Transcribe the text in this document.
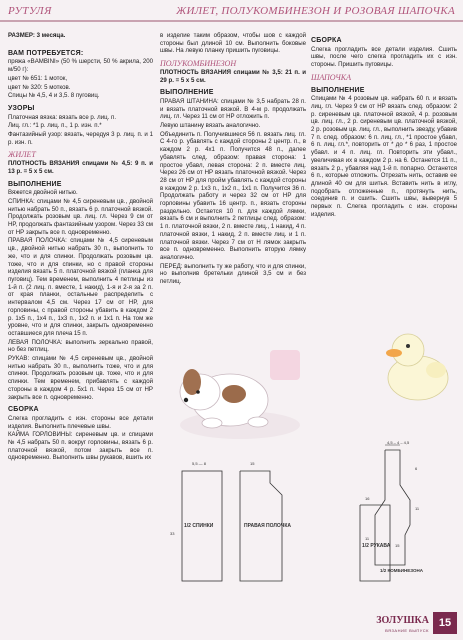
РУТУЛЯ	ЖИЛЕТ, ПОЛУКОМБИНЕЗОН И РОЗОВАЯ ШАПОЧКА

РАЗМЕР: 3 месяца.

ВАМ ПОТРЕБУЕТСЯ:

пряжа «BAMBINI» (50 % шерсти, 50 % акрила, 200 м/50 г):

цвет № 651: 1 моток,

цвет № 320: 5 мотков.

Спицы № 4,5, 4 и 3,5. 8 пуговиц.

УЗОРЫ

Платочная вязка: вязать все р. лиц. п.

Лиц. гл.: *1 р. лиц. п., 1 р. изн. п.*

Фантазийный узор: вязать, чередуя 3 р. лиц. п. и 1 р. изн. п.

ЖИЛЕТ

ПЛОТНОСТЬ ВЯЗАНИЯ спицами № 4,5: 9 п. и 13 р. = 5 х 5 см.

ВЫПОЛНЕНИЕ

Вяжется двойной нитью.

СПИНКА: спицами № 4,5 сиреневым цв., двойной нитью набрать 50 п., вязать 6 р. платочной вязкой. Продолжать розовым цв. лиц. гл. Через 9 см от НР, продолжать фантазийным узором. Через 33 см от НР закрыть все п. одновременно.

ПРАВАЯ ПОЛОЧКА: спицами № 4,5 сиреневым цв., двойной нитью набрать 30 п., выполнить то же, что и для спинки. Продолжать розовым цв. тоже, что и для спинки, но с правой стороны изделия вязать 5 п. платочной вязкой (планка для пуговиц). Тем временем, выполнить 4 петлицы из 1-й п. (2 лиц. п. вместе, 1 накид), 1-я и 2-я за 2 п. от края планки, остальные распределить с интервалом 4,5 см. Через 17 см от НР, для горловины, с правой стороны убавить в каждом 2 р. 1х5 п., 1х4 п., 1х3 п., 1х2 п. и 1х1 п. На том же уровне, что и для спинки, закрыть одновременно оставшиеся для плеча 15 п.

ЛЕВАЯ ПОЛОЧКА: выполнить зеркально правой, но без петлиц.

РУКАВ: спицами № 4,5 сиреневым цв., двойной нитью набрать 30 п., выполнить тоже, что и для спинки. Продолжать розовым цв. тоже, что и для спинки. Тем временем, прибавлять с каждой стороны в каждом 4 р. 5х1 п. Через 15 см от НР закрыть все п. одновременно.

СБОРКА

Слегка прогладить с изн. стороны все детали изделия. Выполнить плечевые швы.

КАЙМА ГОРЛОВИНЫ: сиреневым цв. и спицами № 4,5 набрать 50 п. вокруг горловины, вязать 6 р. платочной вязкой, потом закрыть все п. одновременно. Выполнить швы рукавов, вшить их

в изделие таким образом, чтобы шов с каждой стороны был длиной 10 см. Выполнить боковые швы. На левую планку пришить пуговицы.

ПОЛУКОМБИНЕЗОН

ПЛОТНОСТЬ ВЯЗАНИЯ спицами № 3,5: 21 п. и 29 р. = 5 х 5 см.

ВЫПОЛНЕНИЕ

ПРАВАЯ ШТАНИНА: спицами № 3,5 набрать 28 п. и вязать платочной вязкой. В 4-м р. продолжать лиц. гл. Через 11 см от НР отложить п.

Левую штанину вязать аналогично.

Объединить п. Получившиеся 56 п. вязать лиц. гл. С 4-го р. убавлять с каждой стороны 2 центр. п., в каждом 2 р. 4х1 п. Получится 48 п., далее убавлять след. образом: правая сторона: 1 простое убавл, левая сторона: 2 п. вместе лиц. Через 26 см от НР вязать платочной вязкой. Через 28 см от НР для пройм убавлять с каждой стороны в каждом 2 р. 1х3 п., 1х2 п., 1х1 п. Получится 36 п. Продолжать работу и через 32 см от НР для горловины убавить 16 центр. п., вязать стороны раздельно. Остается 10 п. для каждой лямки, вязать 6 см и выполнить 2 петлицы след. образом: 1 п. платочной вязки, 2 п. вместе лиц., 1 накид, 4 п. платочной вязки, 1 накид, 2 п. вместе лиц. и 1 п. платочной вязки. Через 7 см от Н лямок закрыть все п. одновременно. Выполнить вторую лямку аналогично.

ПЕРЕД: выполнить ту же работу, что и для спинки, но выполнив бретельки длиной 3,5 см и без петлиц.

СБОРКА

Слегка прогладить все детали изделия. Сшить швы, после чего слегка прогладить их с изн. стороны. Пришить пуговицы.

ШАПОЧКА
ВЫПОЛНЕНИЕ

Спицами № 4 розовым цв. набрать 60 п. и вязать лиц. гл. Через 9 см от НР вязать след. образом: 2 р. сиреневым цв. платочной вязкой, 4 р. розовым цв. лиц. гл., 2 р. сиреневым цв. платочной вязкой, 2 р. розовым цв. лиц. гл., выполнить звезду, убавив 7 п. след. образом: 6 п. лиц. гл., *1 простое убавл, 6 п. лиц. гл.*, повторить от * до * 6 раз, 1 простое убавл. и 4 п. лиц. гл. Повторить эти убавл., увеличивая их в каждом 2 р. на 6. Останется 11 п., вязать 2 р., убавляя над 1-й п. попарно. Останется 6 п., которые отложить. Отрезать нить, оставив ее длиной 40 см для шитья. Вставить нить в иглу, подобрать отложенные п., протянуть нить, соединив п. и сшить. Сшить швы, вывернув 5 первых п. Слегка прогладить с изн. стороны изделия.

4,5 – 4 – 4,5
6
11
11
1/2 КОМБИНЕЗОНА
1/2 СПИНКИ	ПРАВАЯ ПОЛОЧКА
1/2 РУКАВА
5,5 — 8
33
15
16
15
ЗОЛУШКА
ВЯЗАНИЕ ВЫПУСК
15
